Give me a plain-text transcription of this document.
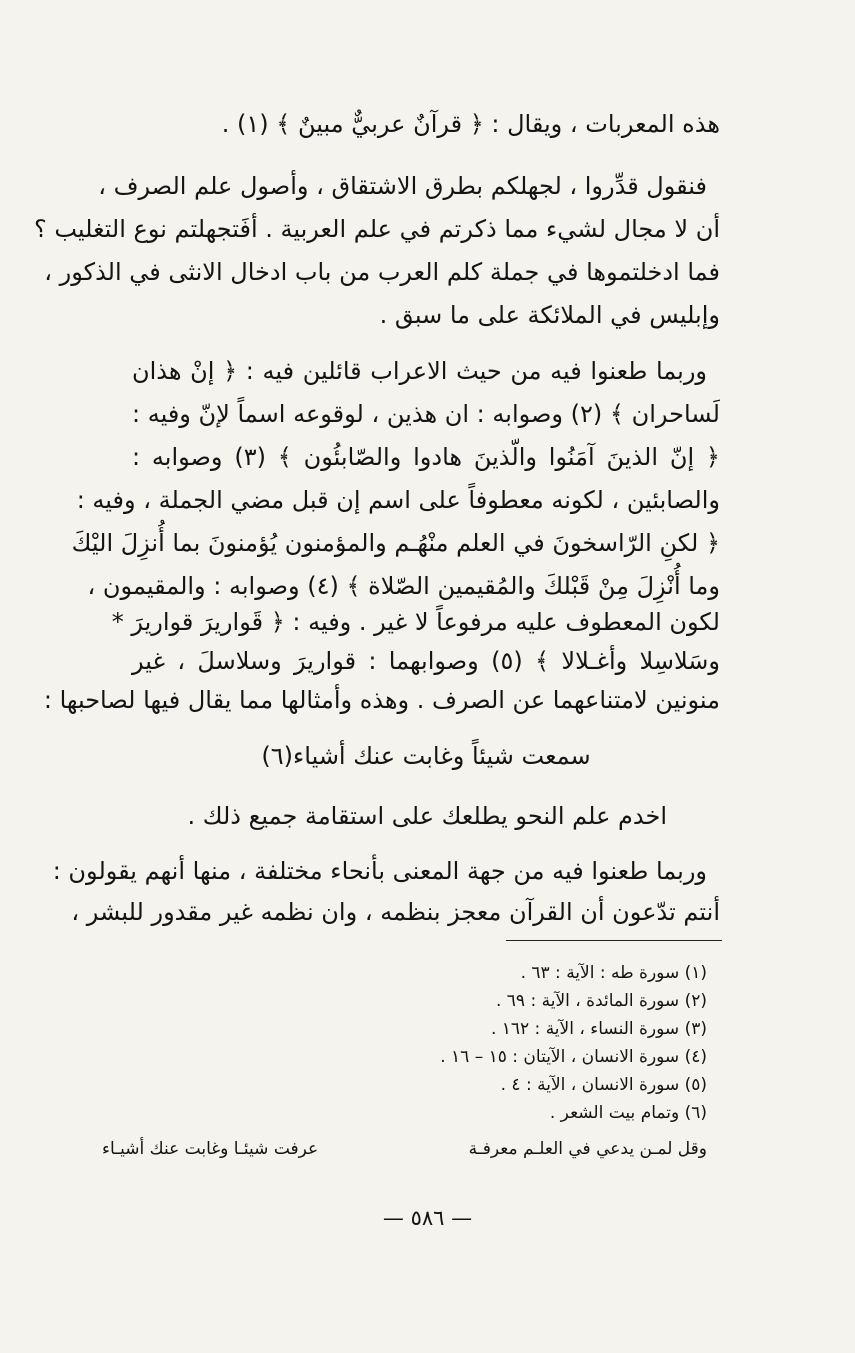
هذه المعربات ، ويقال : ﴿ قرآنٌ عربيٌّ مبينٌ ﴾ (١) .
فنقول قدِّروا ، لجهلكم بطرق الاشتقاق ، وأصول علم الصرف ،
أن لا مجال لشيء مما ذكرتم في علم العربية . أفَتجهلتم نوع التغليب ؟
فما ادخلتموها في جملة كلم العرب من باب ادخال الانثى في الذكور ،
وإبليس في الملائكة على ما سبق .
وربما طعنوا فيه من حيث الاعراب قائلين فيه : ﴿ إنْ هذان
لَساحران ﴾ (٢) وصوابه : ان هذين ، لوقوعه اسماً لإنّ وفيه :
﴿ إنّ الذينَ آمَنُوا والّذينَ هادوا والصّابئُون ﴾ (٣) وصوابه :
والصابئين ، لكونه معطوفاً على اسم إن قبل مضي الجملة ، وفيه :
﴿ لكنِ الرّاسخونَ في العلم منْهُـم والمؤمنون يُؤمنونَ بما أُنزِلَ اليْكَ
وما أُنْزِلَ مِنْ قَبْلكَ والمُقيمين الصّلاة ﴾ (٤) وصوابه : والمقيمون ،
لكون المعطوف عليه مرفوعاً لا غير . وفيه : ﴿ قَواريرَ قواريرَ *
وسَلاسِلا وأغـلالا ﴾ (٥) وصوابهما : قواريرَ وسلاسلَ ، غير
منونين لامتناعهما عن الصرف . وهذه وأمثالها مما يقال فيها لصاحبها :
سمعت شيئاً وغابت عنك أشياء(٦)
اخدم علم النحو يطلعك على استقامة جميع ذلك .
وربما طعنوا فيه من جهة المعنى بأنحاء مختلفة ، منها أنهم يقولون :
أنتم تدّعون أن القرآن معجز بنظمه ، وان نظمه غير مقدور للبشر ،
(١) سورة طه : الآية : ٦٣ .
(٢) سورة المائدة ، الآية : ٦٩ .
(٣) سورة النساء ، الآية : ١٦٢ .
(٤) سورة الانسان ، الآيتان : ١٥ – ١٦ .
(٥) سورة الانسان ، الآية : ٤ .
(٦) وتمام بيت الشعر .
وقل لمـن يدعي في العلـم معرفـة
عرفت شيئـا وغابت عنك أشيـاء
— ٥٨٦ —
